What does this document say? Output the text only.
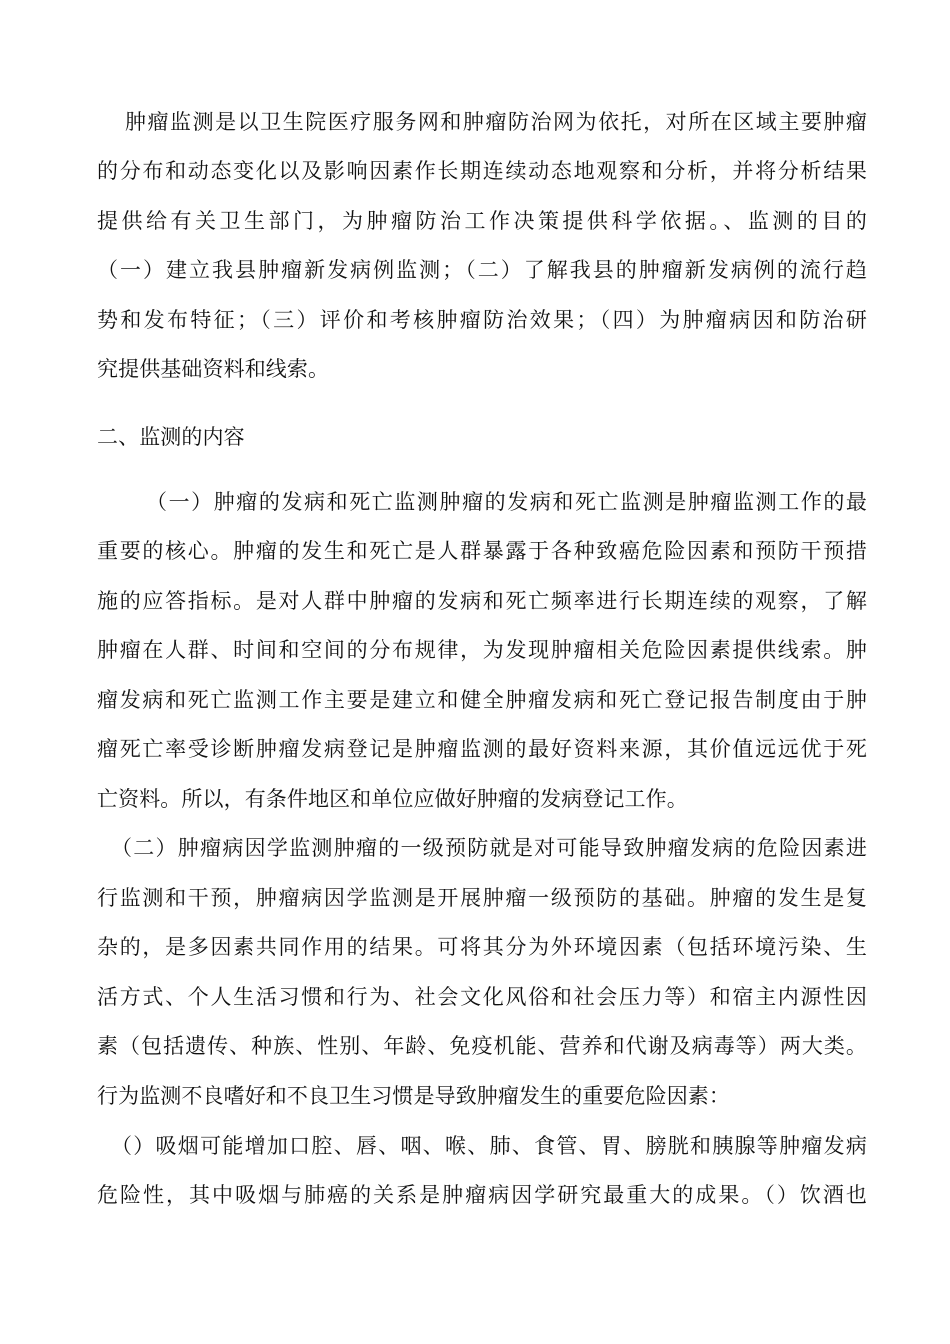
肿瘤监测是以卫生院医疗服务网和肿瘤防治网为依托，对所在区域主要肿瘤
的分布和动态变化以及影响因素作长期连续动态地观察和分析，并将分析结果
提供给有关卫生部门，为肿瘤防治工作决策提供科学依据。、监测的目的
（一）建立我县肿瘤新发病例监测；（二）了解我县的肿瘤新发病例的流行趋
势和发布特征；（三）评价和考核肿瘤防治效果；（四）为肿瘤病因和防治研
究提供基础资料和线索。
二、监测的内容
（一）肿瘤的发病和死亡监测肿瘤的发病和死亡监测是肿瘤监测工作的最
重要的核心。肿瘤的发生和死亡是人群暴露于各种致癌危险因素和预防干预措
施的应答指标。是对人群中肿瘤的发病和死亡频率进行长期连续的观察，了解
肿瘤在人群、时间和空间的分布规律，为发现肿瘤相关危险因素提供线索。肿
瘤发病和死亡监测工作主要是建立和健全肿瘤发病和死亡登记报告制度由于肿
瘤死亡率受诊断肿瘤发病登记是肿瘤监测的最好资料来源，其价值远远优于死
亡资料。所以，有条件地区和单位应做好肿瘤的发病登记工作。
（二）肿瘤病因学监测肿瘤的一级预防就是对可能导致肿瘤发病的危险因素进
行监测和干预，肿瘤病因学监测是开展肿瘤一级预防的基础。肿瘤的发生是复
杂的，是多因素共同作用的结果。可将其分为外环境因素（包括环境污染、生
活方式、个人生活习惯和行为、社会文化风俗和社会压力等）和宿主内源性因
素（包括遗传、种族、性别、年龄、免疫机能、营养和代谢及病毒等）两大类。
行为监测不良嗜好和不良卫生习惯是导致肿瘤发生的重要危险因素：
（）吸烟可能增加口腔、唇、咽、喉、肺、食管、胃、膀胱和胰腺等肿瘤发病
危险性，其中吸烟与肺癌的关系是肿瘤病因学研究最重大的成果。（）饮酒也
